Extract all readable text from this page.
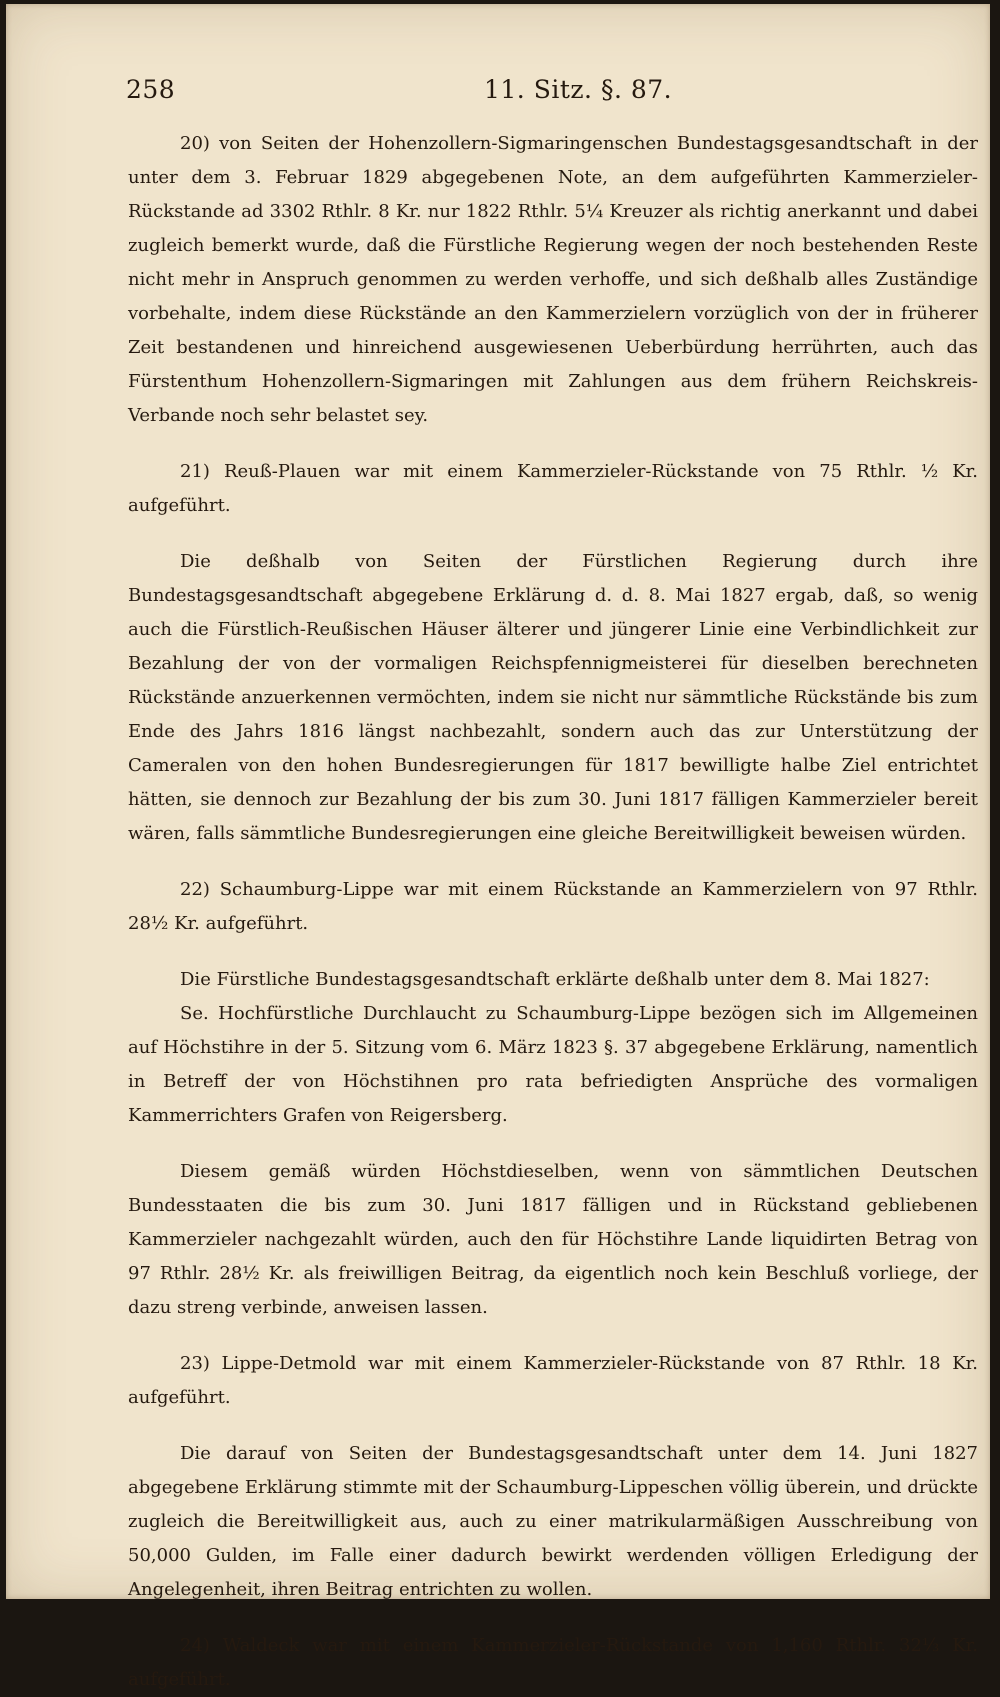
258	11. Sitz. §. 87.

20) von Seiten der Hohenzollern-Sigmaringenschen Bundestagsgesandtschaft in der unter dem 3. Februar 1829 abgegebenen Note, an dem aufgeführten Kammerzieler-Rückstande ad 3302 Rthlr. 8 Kr. nur 1822 Rthlr. 5¼ Kreuzer als richtig anerkannt und dabei zugleich bemerkt wurde, daß die Fürstliche Regierung wegen der noch bestehenden Reste nicht mehr in Anspruch genommen zu werden verhoffe, und sich deßhalb alles Zuständige vorbehalte, indem diese Rückstände an den Kammerzielern vorzüglich von der in früherer Zeit bestandenen und hinreichend ausgewiesenen Ueberbürdung herrührten, auch das Fürstenthum Hohenzollern-Sigmaringen mit Zahlungen aus dem frühern Reichskreis-Verbande noch sehr belastet sey.

21) Reuß-Plauen war mit einem Kammerzieler-Rückstande von 75 Rthlr. ½ Kr. aufgeführt.

Die deßhalb von Seiten der Fürstlichen Regierung durch ihre Bundestagsgesandtschaft abgegebene Erklärung d. d. 8. Mai 1827 ergab, daß, so wenig auch die Fürstlich-Reußischen Häuser älterer und jüngerer Linie eine Verbindlichkeit zur Bezahlung der von der vormaligen Reichspfennigmeisterei für dieselben berechneten Rückstände anzuerkennen vermöchten, indem sie nicht nur sämmtliche Rückstände bis zum Ende des Jahrs 1816 längst nachbezahlt, sondern auch das zur Unterstützung der Cameralen von den hohen Bundesregierungen für 1817 bewilligte halbe Ziel entrichtet hätten, sie dennoch zur Bezahlung der bis zum 30. Juni 1817 fälligen Kammerzieler bereit wären, falls sämmtliche Bundesregierungen eine gleiche Bereitwilligkeit beweisen würden.

22) Schaumburg-Lippe war mit einem Rückstande an Kammerzielern von 97 Rthlr. 28½ Kr. aufgeführt.

Die Fürstliche Bundestagsgesandtschaft erklärte deßhalb unter dem 8. Mai 1827:

Se. Hochfürstliche Durchlaucht zu Schaumburg-Lippe bezögen sich im Allgemeinen auf Höchstihre in der 5. Sitzung vom 6. März 1823 §. 37 abgegebene Erklärung, namentlich in Betreff der von Höchstihnen pro rata befriedigten Ansprüche des vormaligen Kammerrichters Grafen von Reigersberg.

Diesem gemäß würden Höchstdieselben, wenn von sämmtlichen Deutschen Bundesstaaten die bis zum 30. Juni 1817 fälligen und in Rückstand gebliebenen Kammerzieler nachgezahlt würden, auch den für Höchstihre Lande liquidirten Betrag von 97 Rthlr. 28½ Kr. als freiwilligen Beitrag, da eigentlich noch kein Beschluß vorliege, der dazu streng verbinde, anweisen lassen.

23) Lippe-Detmold war mit einem Kammerzieler-Rückstande von 87 Rthlr. 18 Kr. aufgeführt.

Die darauf von Seiten der Bundestagsgesandtschaft unter dem 14. Juni 1827 abgegebene Erklärung stimmte mit der Schaumburg-Lippeschen völlig überein, und drückte zugleich die Bereitwilligkeit aus, auch zu einer matrikularmäßigen Ausschreibung von 50,000 Gulden, im Falle einer dadurch bewirkt werdenden völligen Erledigung der Angelegenheit, ihren Beitrag entrichten zu wollen.

24) Waldeck war mit einem Kammerzieler-Rückstande von 1,160 Rthlr. 32⅓ Kr. aufgeführt.
